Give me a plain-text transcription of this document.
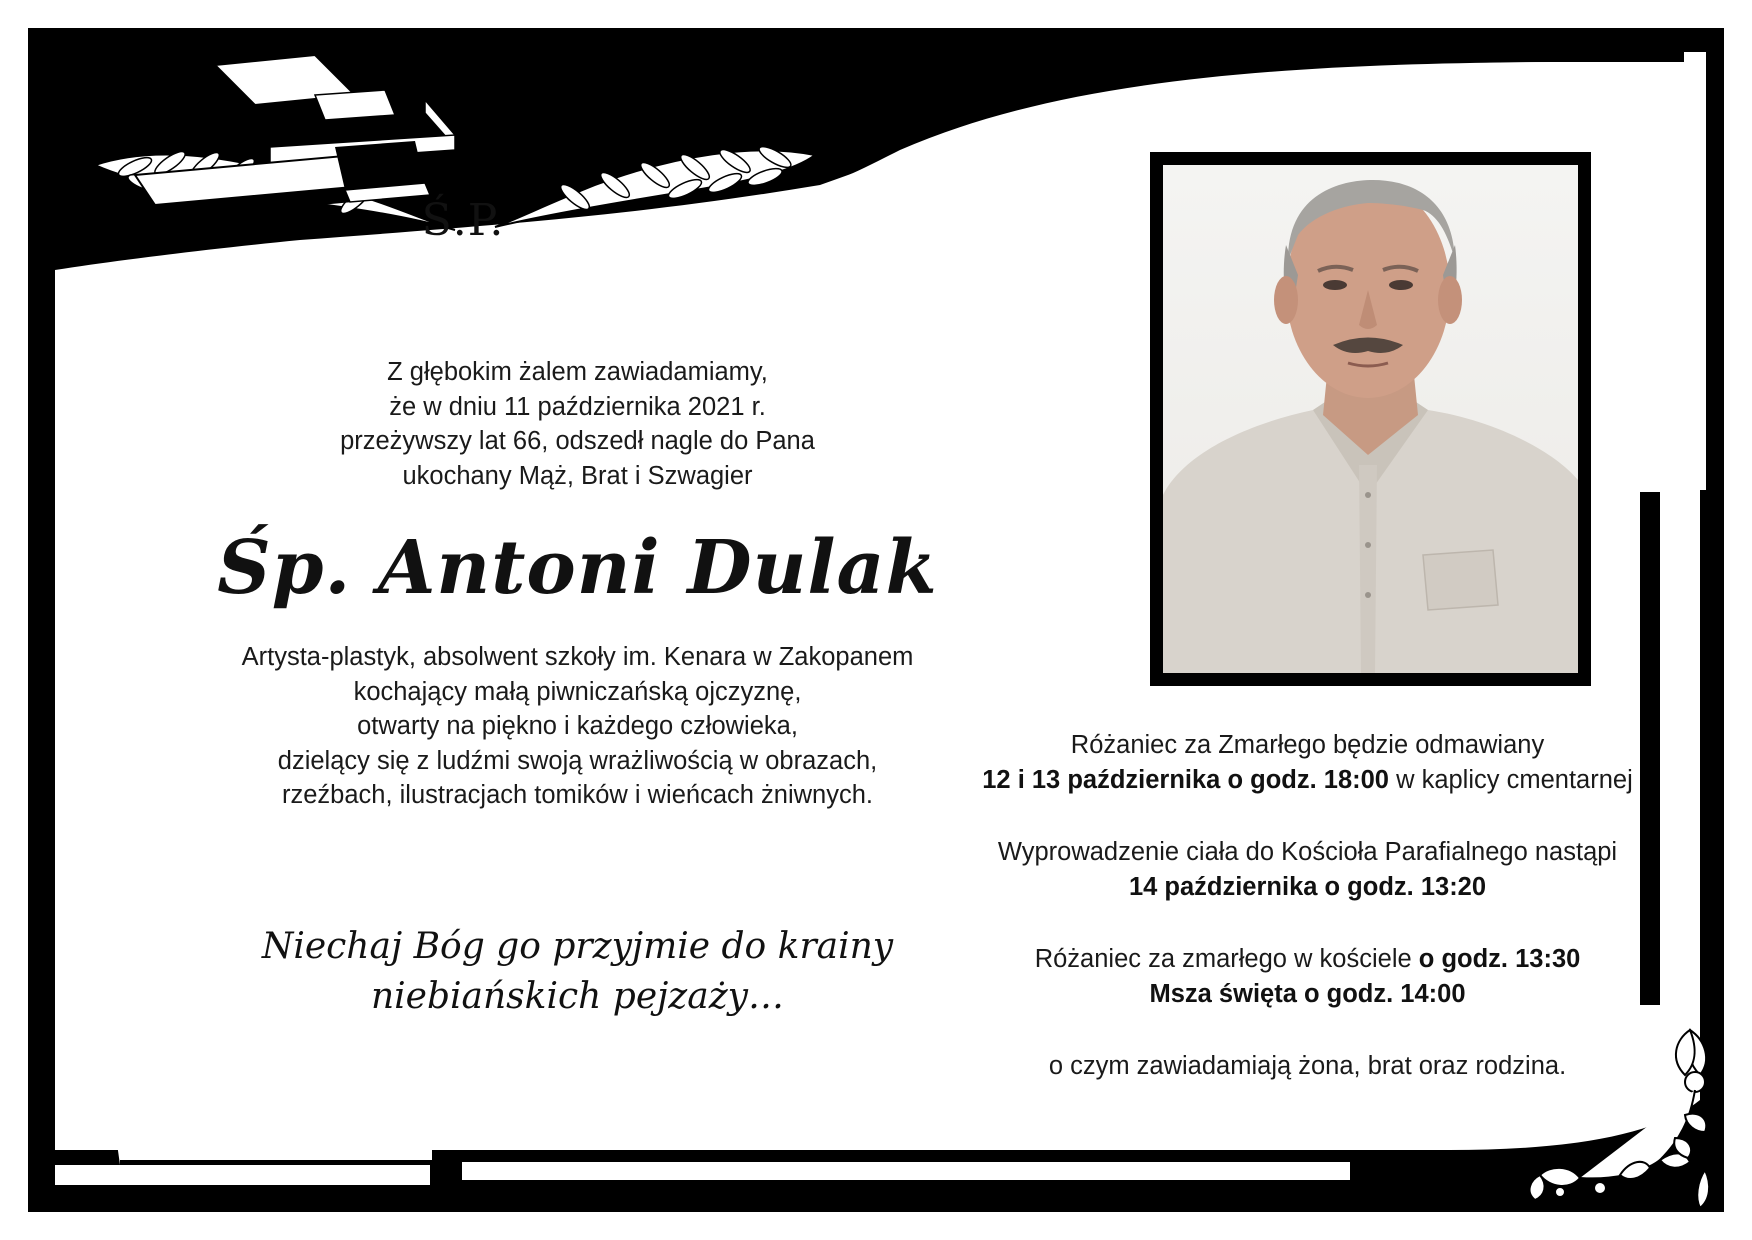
Ś.P.
Z głębokim żalem zawiadamiamy,
że w dniu 11 października 2021 r.
przeżywszy lat 66, odszedł nagle do Pana
ukochany Mąż, Brat i Szwagier
Śp. Antoni Dulak
Artysta-plastyk, absolwent szkoły im. Kenara w Zakopanem
kochający małą piwniczańską ojczyznę,
otwarty na piękno i każdego człowieka,
dzielący się z ludźmi swoją wrażliwością w obrazach,
rzeźbach, ilustracjach tomików i wieńcach żniwnych.
Niechaj Bóg go przyjmie do krainy
niebiańskich pejzaży…
Różaniec za Zmarłego będzie odmawiany
12 i 13 października o godz. 18:00 w kaplicy cmentarnej
Wyprowadzenie ciała do Kościoła Parafialnego nastąpi
14 października o godz. 13:20
Różaniec za zmarłego w kościele o godz. 13:30
Msza święta o godz. 14:00
o czym zawiadamiają żona, brat oraz rodzina.
